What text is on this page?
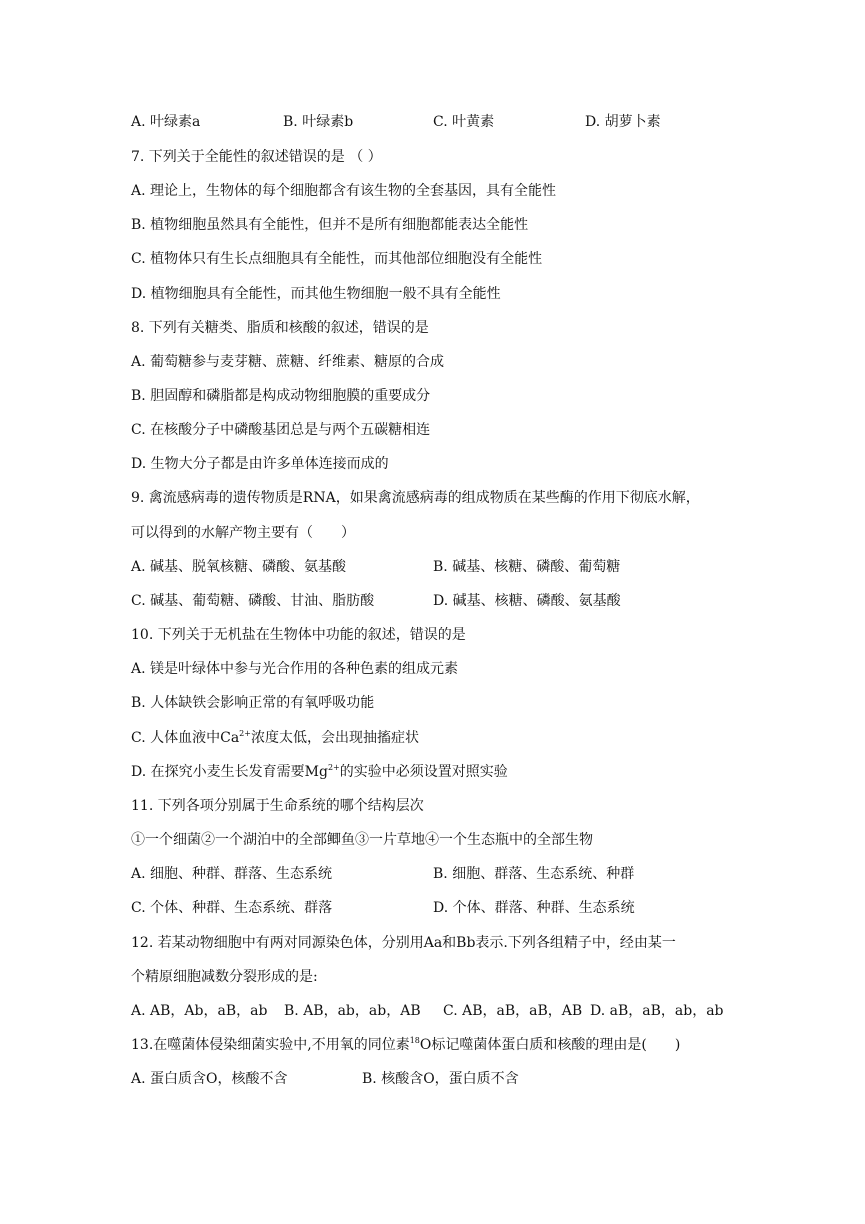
A. 叶绿素a	B. 叶绿素b	C. 叶黄素	D. 胡萝卜素
7. 下列关于全能性的叙述错误的是 （ ）
A. 理论上，生物体的每个细胞都含有该生物的全套基因，具有全能性
B. 植物细胞虽然具有全能性，但并不是所有细胞都能表达全能性
C. 植物体只有生长点细胞具有全能性，而其他部位细胞没有全能性
D. 植物细胞具有全能性，而其他生物细胞一般不具有全能性
8. 下列有关糖类、脂质和核酸的叙述，错误的是
A. 葡萄糖参与麦芽糖、蔗糖、纤维素、糖原的合成
B. 胆固醇和磷脂都是构成动物细胞膜的重要成分
C. 在核酸分子中磷酸基团总是与两个五碳糖相连
D. 生物大分子都是由许多单体连接而成的
9. 禽流感病毒的遗传物质是RNA，如果禽流感病毒的组成物质在某些酶的作用下彻底水解，
可以得到的水解产物主要有（　　）
A. 碱基、脱氧核糖、磷酸、氨基酸	B. 碱基、核糖、磷酸、葡萄糖
C. 碱基、葡萄糖、磷酸、甘油、脂肪酸	D. 碱基、核糖、磷酸、氨基酸
10. 下列关于无机盐在生物体中功能的叙述，错误的是
A. 镁是叶绿体中参与光合作用的各种色素的组成元素
B. 人体缺铁会影响正常的有氧呼吸功能
C. 人体血液中$Ca^{2+}$浓度太低，会出现抽搐症状
D. 在探究小麦生长发育需要$Mg^{2+}$的实验中必须设置对照实验
11. 下列各项分别属于生命系统的哪个结构层次
①一个细菌②一个湖泊中的全部鲫鱼③一片草地④一个生态瓶中的全部生物
A. 细胞、种群、群落、生态系统	B. 细胞、群落、生态系统、种群
C. 个体、种群、生态系统、群落	D. 个体、群落、种群、生态系统
12. 若某动物细胞中有两对同源染色体，分别用Aa和Bb表示.下列各组精子中，经由某一
个精原细胞减数分裂形成的是:
A. AB，Ab，aB，ab B. AB，ab，ab，AB C. AB，aB，aB，AB D. aB，aB，ab，ab
13.在噬菌体侵染细菌实验中,不用氧的同位素$^{18}$O标记噬菌体蛋白质和核酸的理由是(　　)
A. 蛋白质含O，核酸不含	B. 核酸含O，蛋白质不含
